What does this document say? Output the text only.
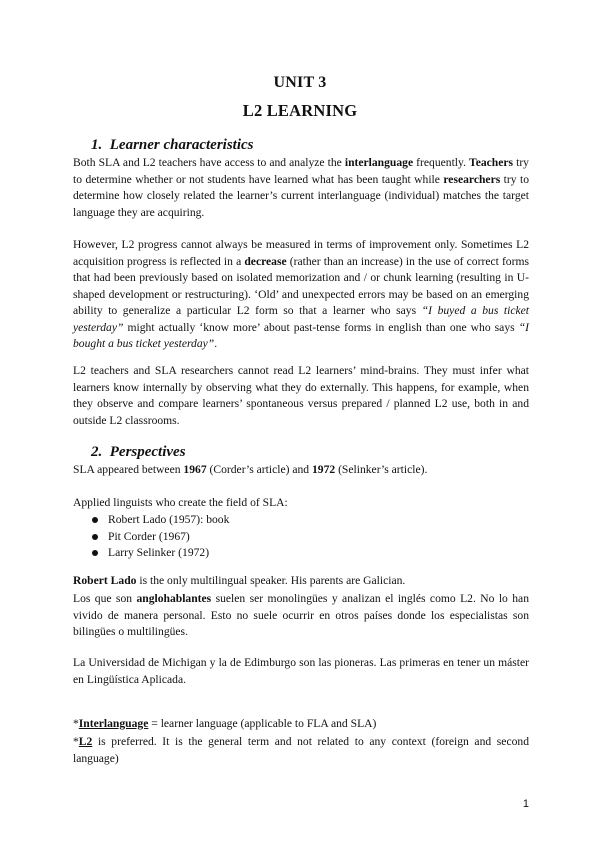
UNIT 3
L2 LEARNING
1. Learner characteristics
Both SLA and L2 teachers have access to and analyze the interlanguage frequently. Teachers try to determine whether or not students have learned what has been taught while researchers try to determine how closely related the learner’s current interlanguage (individual) matches the target language they are acquiring.
However, L2 progress cannot always be measured in terms of improvement only. Sometimes L2 acquisition progress is reflected in a decrease (rather than an increase) in the use of correct forms that had been previously based on isolated memorization and / or chunk learning (resulting in U-shaped development or restructuring). ‘Old’ and unexpected errors may be based on an emerging ability to generalize a particular L2 form so that a learner who says “I buyed a bus ticket yesterday” might actually ‘know more’ about past-tense forms in english than one who says “I bought a bus ticket yesterday”.
L2 teachers and SLA researchers cannot read L2 learners’ mind-brains. They must infer what learners know internally by observing what they do externally. This happens, for example, when they observe and compare learners’ spontaneous versus prepared / planned L2 use, both in and outside L2 classrooms.
2. Perspectives
SLA appeared between 1967 (Corder’s article) and 1972 (Selinker’s article).
Applied linguists who create the field of SLA:
Robert Lado (1957): book
Pit Corder (1967)
Larry Selinker (1972)
Robert Lado is the only multilingual speaker. His parents are Galician.
Los que son anglohablantes suelen ser monolingües y analizan el inglés como L2. No lo han vivido de manera personal. Esto no suele ocurrir en otros países donde los especialistas son bilingües o multilingües.
La Universidad de Michigan y la de Edimburgo son las pioneras. Las primeras en tener un máster en Lingüística Aplicada.
*Interlanguage = learner language (applicable to FLA and SLA)
*L2 is preferred. It is the general term and not related to any context (foreign and second language)
1
